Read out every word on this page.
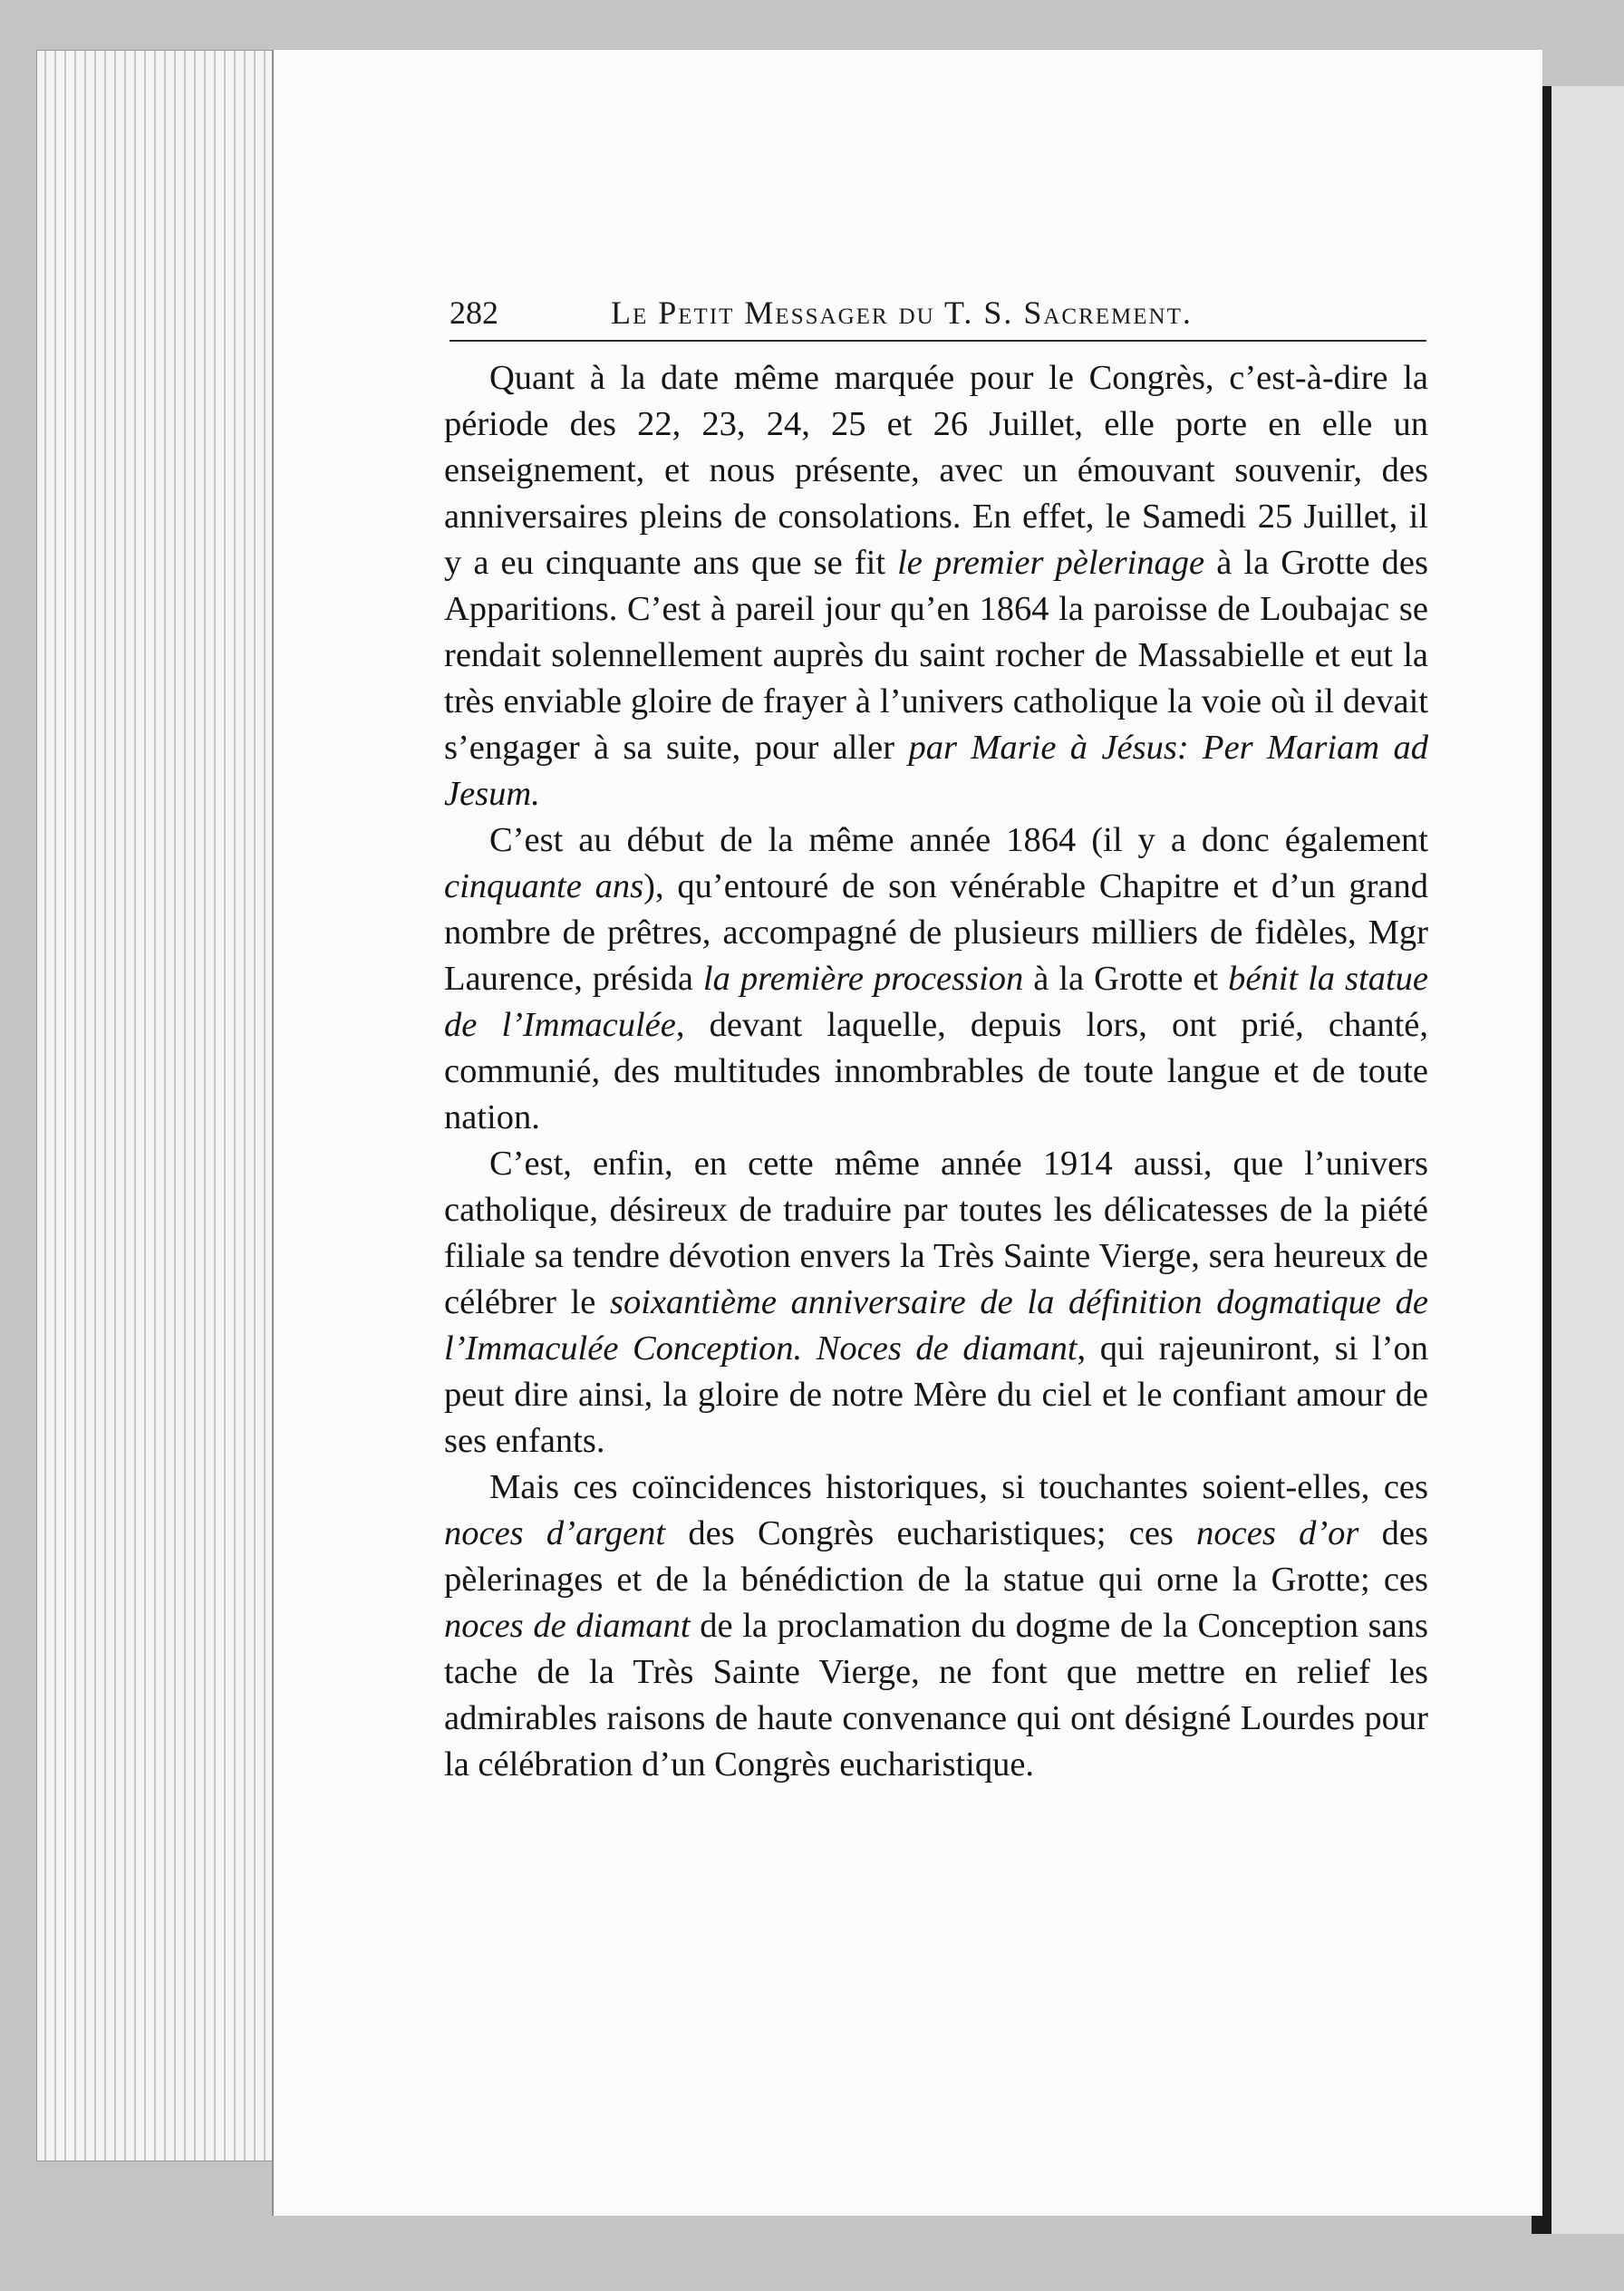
282	Le Petit Messager du T. S. Sacrement.

Quant à la date même marquée pour le Congrès, c’est-à-dire la période des 22, 23, 24, 25 et 26 Juillet, elle porte en elle un enseignement, et nous présente, avec un émouvant souvenir, des anniversaires pleins de consolations. En effet, le Samedi 25 Juillet, il y a eu cinquante ans que se fit le premier pèlerinage à la Grotte des Apparitions. C’est à pareil jour qu’en 1864 la paroisse de Loubajac se rendait solennellement auprès du saint rocher de Massabielle et eut la très enviable gloire de frayer à l’univers catholique la voie où il devait s’engager à sa suite, pour aller par Marie à Jésus: Per Mariam ad Jesum.

C’est au début de la même année 1864 (il y a donc également cinquante ans), qu’entouré de son vénérable Chapitre et d’un grand nombre de prêtres, accompagné de plusieurs milliers de fidèles, Mgr Laurence, présida la première procession à la Grotte et bénit la statue de l’Immaculée, devant laquelle, depuis lors, ont prié, chanté, communié, des multitudes innombrables de toute langue et de toute nation.

C’est, enfin, en cette même année 1914 aussi, que l’univers catholique, désireux de traduire par toutes les délicatesses de la piété filiale sa tendre dévotion envers la Très Sainte Vierge, sera heureux de célébrer le soixantième anniversaire de la définition dogmatique de l’Immaculée Conception. Noces de diamant, qui rajeuniront, si l’on peut dire ainsi, la gloire de notre Mère du ciel et le confiant amour de ses enfants.

Mais ces coïncidences historiques, si touchantes soient-elles, ces noces d’argent des Congrès eucharistiques; ces noces d’or des pèlerinages et de la bénédiction de la statue qui orne la Grotte; ces noces de diamant de la proclamation du dogme de la Conception sans tache de la Très Sainte Vierge, ne font que mettre en relief les admirables raisons de haute convenance qui ont désigné Lourdes pour la célébration d’un Congrès eucharistique.
